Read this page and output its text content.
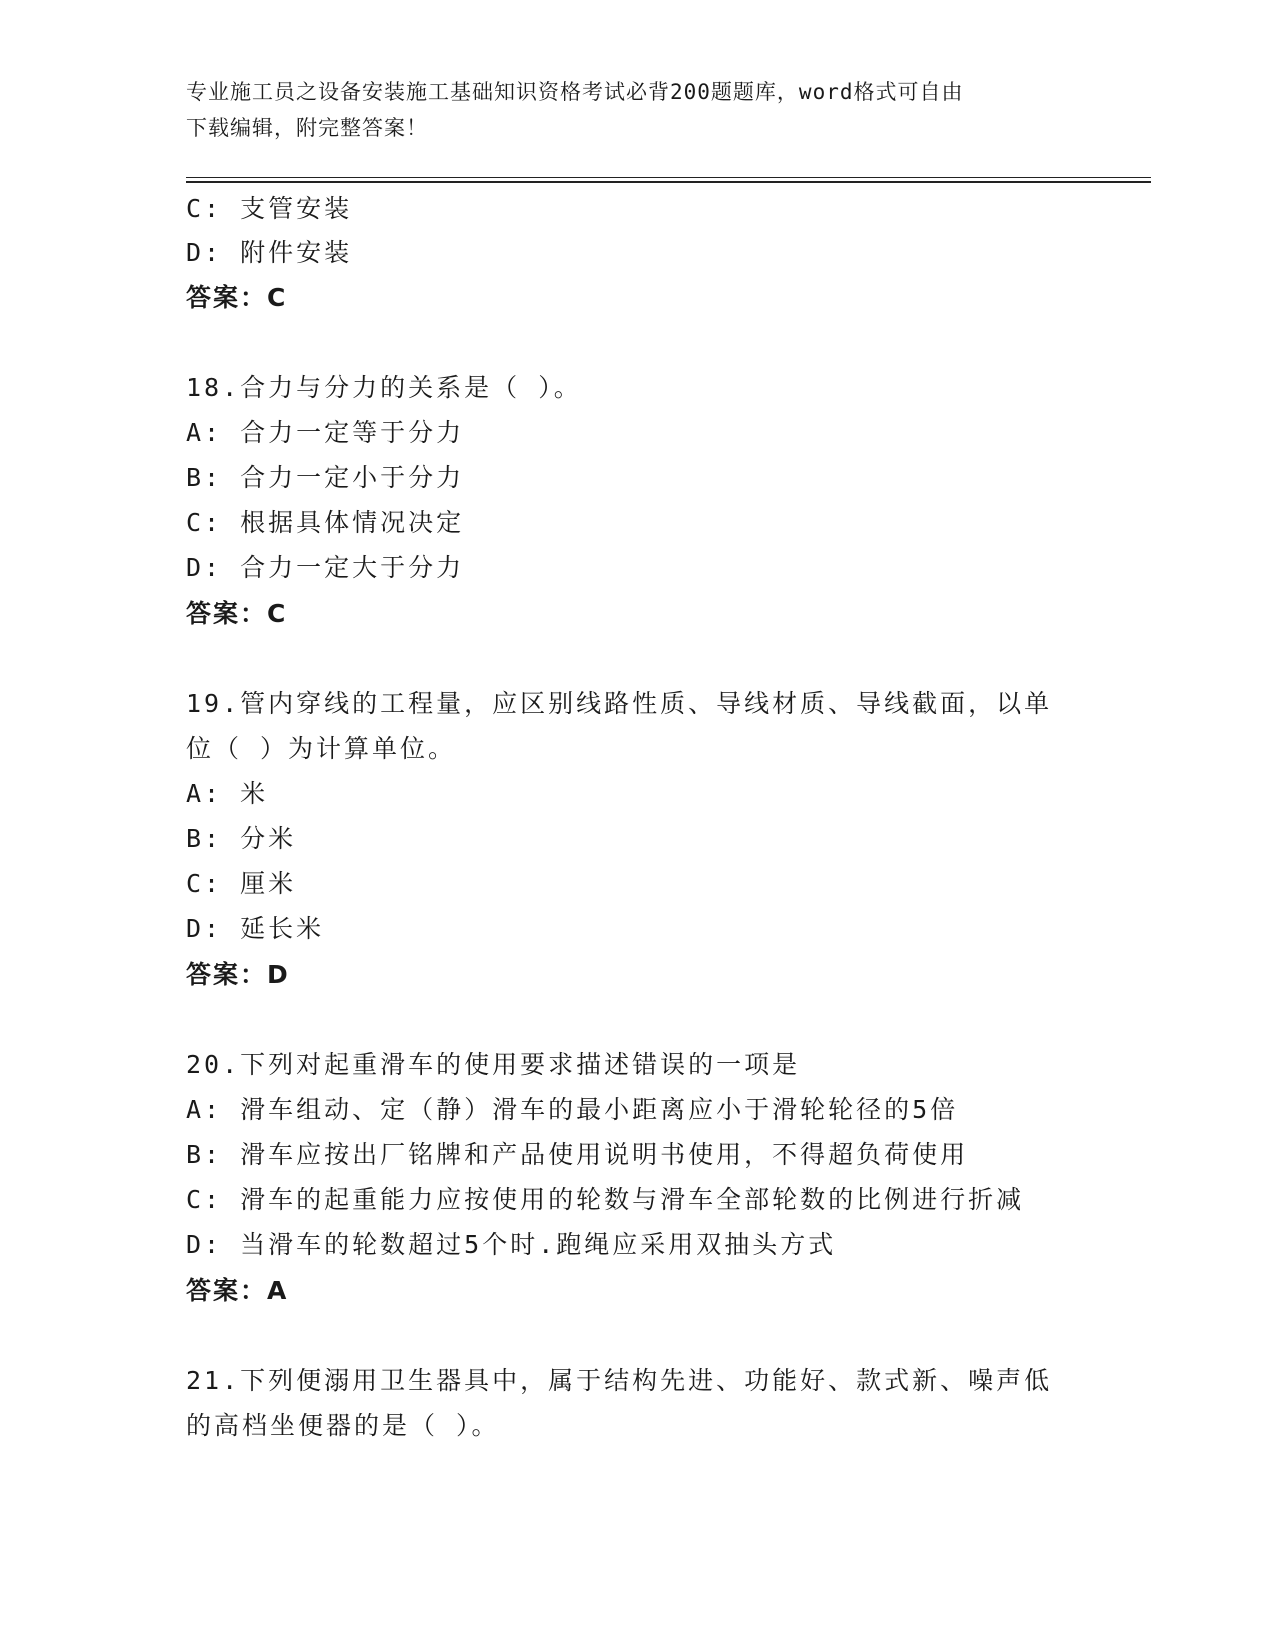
专业施工员之设备安装施工基础知识资格考试必背200题题库，word格式可自由
下载编辑，附完整答案！
C: 支管安装
D: 附件安装
答案：C
18.合力与分力的关系是（ ）。
A: 合力一定等于分力
B: 合力一定小于分力
C: 根据具体情况决定
D: 合力一定大于分力
答案：C
19.管内穿线的工程量，应区别线路性质、导线材质、导线截面，以单
位（ ）为计算单位。
A: 米
B: 分米
C: 厘米
D: 延长米
答案：D
20.下列对起重滑车的使用要求描述错误的一项是
A: 滑车组动、定（静）滑车的最小距离应小于滑轮轮径的5倍
B: 滑车应按出厂铭牌和产品使用说明书使用，不得超负荷使用
C: 滑车的起重能力应按使用的轮数与滑车全部轮数的比例进行折减
D: 当滑车的轮数超过5个时.跑绳应采用双抽头方式
答案：A
21.下列便溺用卫生器具中，属于结构先进、功能好、款式新、噪声低
的高档坐便器的是（ ）。
